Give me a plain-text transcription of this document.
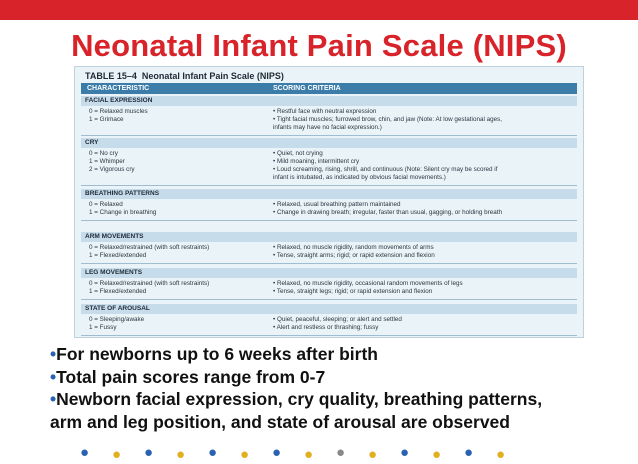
Neonatal Infant Pain Scale (NIPS)
TABLE 15–4 Neonatal Infant Pain Scale (NIPS)
CHARACTERISTIC	SCORING CRITERIA
FACIAL EXPRESSION
0 = Relaxed muscles
1 = Grimace
• Restful face with neutral expression
• Tight facial muscles; furrowed brow, chin, and jaw (Note: At low gestational ages,
infants may have no facial expression.)
CRY
0 = No cry
1 = Whimper
2 = Vigorous cry
• Quiet, not crying
• Mild moaning, intermittent cry
• Loud screaming, rising, shrill, and continuous (Note: Silent cry may be scored if
infant is intubated, as indicated by obvious facial movements.)
BREATHING PATTERNS
0 = Relaxed
1 = Change in breathing
• Relaxed, usual breathing pattern maintained
• Change in drawing breath; irregular, faster than usual, gagging, or holding breath
ARM MOVEMENTS
0 = Relaxed/restrained (with soft restraints)
1 = Flexed/extended
• Relaxed, no muscle rigidity, random movements of arms
• Tense, straight arms; rigid; or rapid extension and flexion
LEG MOVEMENTS
0 = Relaxed/restrained (with soft restraints)
1 = Flexed/extended
• Relaxed, no muscle rigidity, occasional random movements of legs
• Tense, straight legs; rigid; or rapid extension and flexion
STATE OF AROUSAL
0 = Sleeping/awake
1 = Fussy
• Quiet, peaceful, sleeping; or alert and settled
• Alert and restless or thrashing; fussy
•For newborns up to 6 weeks after birth
•Total pain scores range from 0-7
•Newborn facial expression, cry quality, breathing patterns,
arm and leg position, and state of arousal are observed
● ● ● ● ● ● ● ● ● ● ● ● ● ●
